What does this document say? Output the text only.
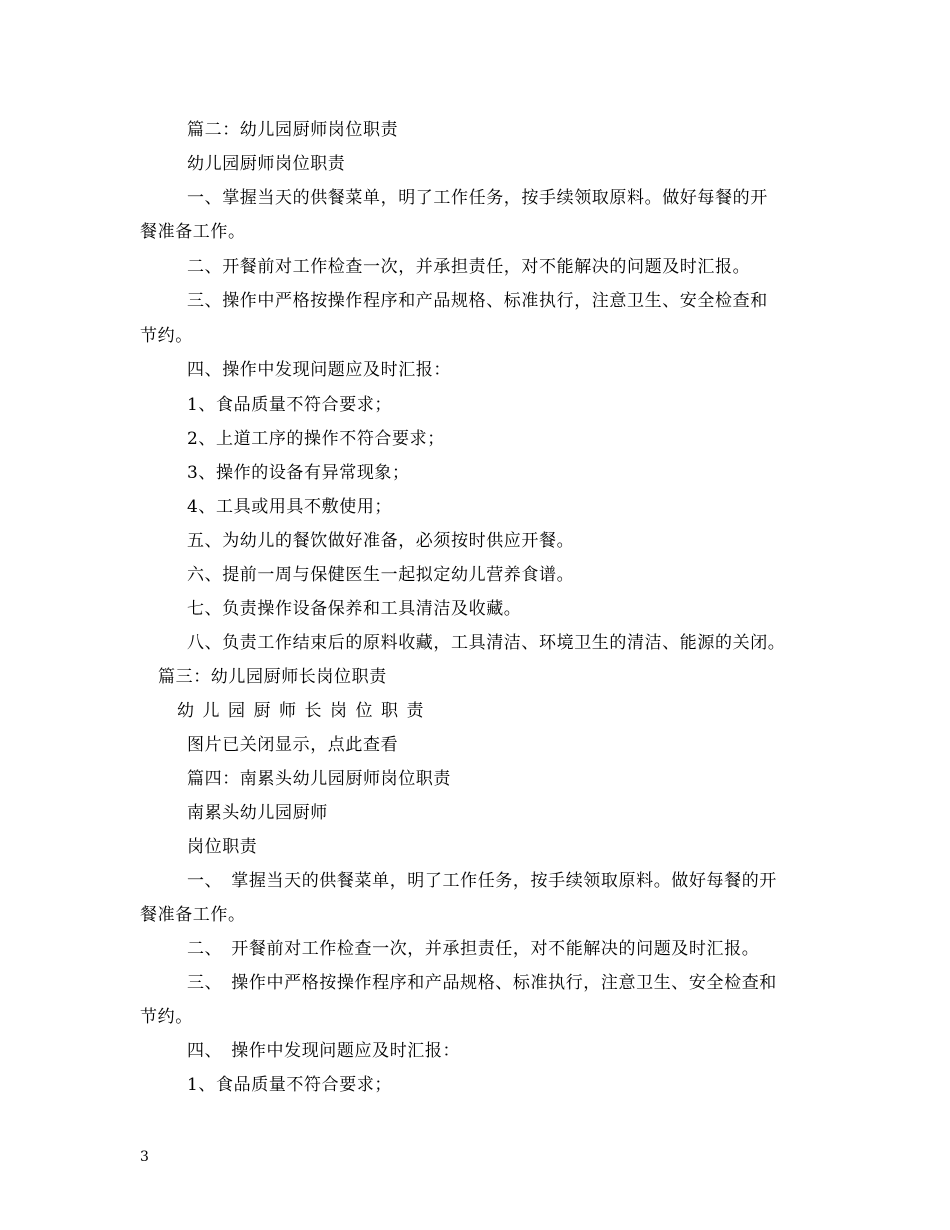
篇二：幼儿园厨师岗位职责
幼儿园厨师岗位职责
一、掌握当天的供餐菜单，明了工作任务，按手续领取原料。做好每餐的开
餐准备工作。
二、开餐前对工作检查一次，并承担责任，对不能解决的问题及时汇报。
三、操作中严格按操作程序和产品规格、标准执行，注意卫生、安全检查和
节约。
四、操作中发现问题应及时汇报：
1、食品质量不符合要求；
2、上道工序的操作不符合要求；
3、操作的设备有异常现象；
4、工具或用具不敷使用；
五、为幼儿的餐饮做好准备，必须按时供应开餐。
六、提前一周与保健医生一起拟定幼儿营养食谱。
七、负责操作设备保养和工具清洁及收藏。
八、负责工作结束后的原料收藏，工具清洁、环境卫生的清洁、能源的关闭。
篇三：幼儿园厨师长岗位职责
幼儿园厨师长岗位职责
图片已关闭显示，点此查看
篇四：南累头幼儿园厨师岗位职责
南累头幼儿园厨师
岗位职责
一、　掌握当天的供餐菜单，明了工作任务，按手续领取原料。做好每餐的开
餐准备工作。
二、　开餐前对工作检查一次，并承担责任，对不能解决的问题及时汇报。
三、　操作中严格按操作程序和产品规格、标准执行，注意卫生、安全检查和
节约。
四、　操作中发现问题应及时汇报：
1、食品质量不符合要求；
3
